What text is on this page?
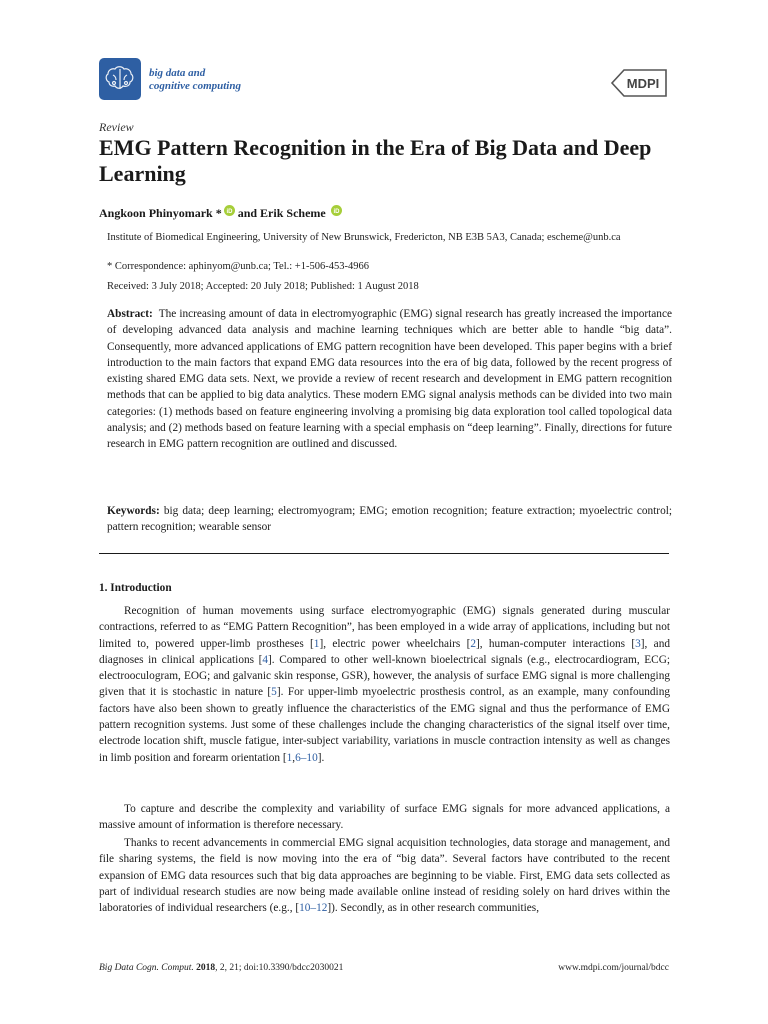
big data and
cognitive computing	MDPI
Review
EMG Pattern Recognition in the Era of Big Data and Deep Learning
Angkoon Phinyomark * iD and Erik Scheme iD
Institute of Biomedical Engineering, University of New Brunswick, Fredericton, NB E3B 5A3, Canada; escheme@unb.ca
* Correspondence: aphinyom@unb.ca; Tel.: +1-506-453-4966
Received: 3 July 2018; Accepted: 20 July 2018; Published: 1 August 2018
Abstract: The increasing amount of data in electromyographic (EMG) signal research has greatly increased the importance of developing advanced data analysis and machine learning techniques which are better able to handle “big data”. Consequently, more advanced applications of EMG pattern recognition have been developed. This paper begins with a brief introduction to the main factors that expand EMG data resources into the era of big data, followed by the recent progress of existing shared EMG data sets. Next, we provide a review of recent research and development in EMG pattern recognition methods that can be applied to big data analytics. These modern EMG signal analysis methods can be divided into two main categories: (1) methods based on feature engineering involving a promising big data exploration tool called topological data analysis; and (2) methods based on feature learning with a special emphasis on “deep learning”. Finally, directions for future research in EMG pattern recognition are outlined and discussed.
Keywords: big data; deep learning; electromyogram; EMG; emotion recognition; feature extraction; myoelectric control; pattern recognition; wearable sensor
1. Introduction
Recognition of human movements using surface electromyographic (EMG) signals generated during muscular contractions, referred to as “EMG Pattern Recognition”, has been employed in a wide array of applications, including but not limited to, powered upper-limb prostheses [1], electric power wheelchairs [2], human-computer interactions [3], and diagnoses in clinical applications [4]. Compared to other well-known bioelectrical signals (e.g., electrocardiogram, ECG; electrooculogram, EOG; and galvanic skin response, GSR), however, the analysis of surface EMG signal is more challenging given that it is stochastic in nature [5]. For upper-limb myoelectric prosthesis control, as an example, many confounding factors have also been shown to greatly influence the characteristics of the EMG signal and thus the performance of EMG pattern recognition systems. Just some of these challenges include the changing characteristics of the signal itself over time, electrode location shift, muscle fatigue, inter-subject variability, variations in muscle contraction intensity as well as changes in limb position and forearm orientation [1,6–10].
To capture and describe the complexity and variability of surface EMG signals for more advanced applications, a massive amount of information is therefore necessary.
Thanks to recent advancements in commercial EMG signal acquisition technologies, data storage and management, and file sharing systems, the field is now moving into the era of “big data”. Several factors have contributed to the recent expansion of EMG data resources such that big data approaches are beginning to be viable. First, EMG data sets collected as part of individual research studies are now being made available online instead of residing solely on hard drives within the laboratories of individual researchers (e.g., [10–12]). Secondly, as in other research communities,
Big Data Cogn. Comput. 2018, 2, 21; doi:10.3390/bdcc2030021	www.mdpi.com/journal/bdcc
